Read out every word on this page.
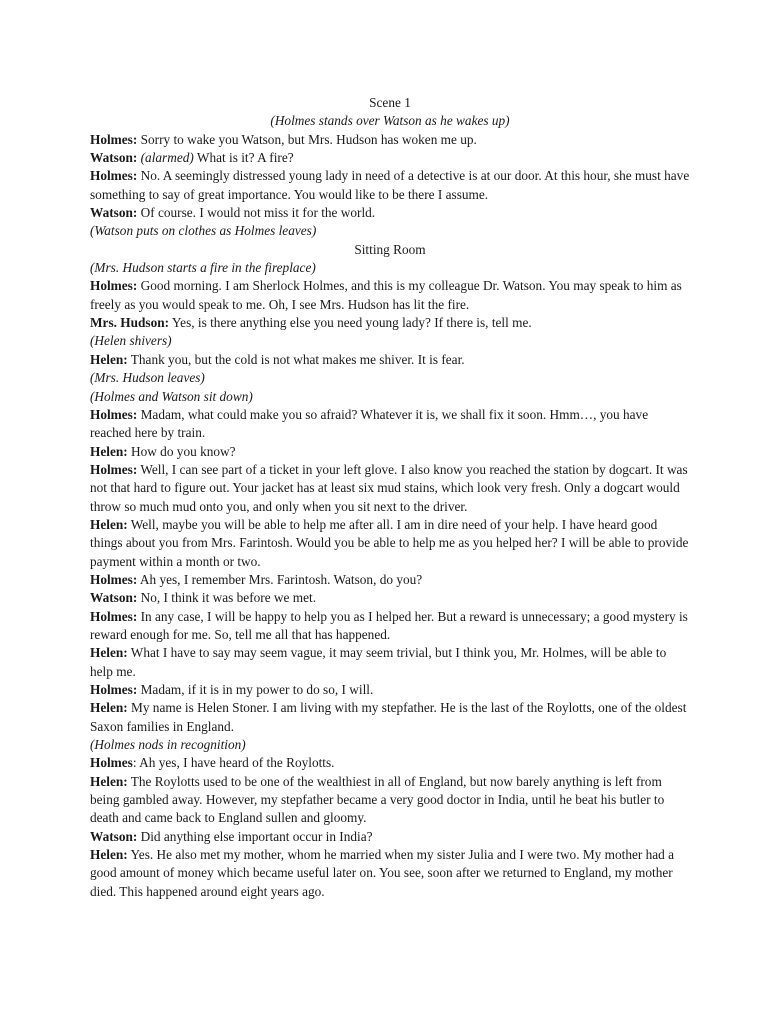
Scene 1

(Holmes stands over Watson as he wakes up)

Holmes: Sorry to wake you Watson, but Mrs. Hudson has woken me up.

Watson: (alarmed) What is it? A fire?

Holmes: No. A seemingly distressed young lady in need of a detective is at our door. At this hour, she must have something to say of great importance. You would like to be there I assume.

Watson: Of course. I would not miss it for the world.

(Watson puts on clothes as Holmes leaves)

Sitting Room

(Mrs. Hudson starts a fire in the fireplace)

Holmes: Good morning. I am Sherlock Holmes, and this is my colleague Dr. Watson. You may speak to him as freely as you would speak to me. Oh, I see Mrs. Hudson has lit the fire.

Mrs. Hudson: Yes, is there anything else you need young lady? If there is, tell me.

(Helen shivers)

Helen: Thank you, but the cold is not what makes me shiver. It is fear.

(Mrs. Hudson leaves)

(Holmes and Watson sit down)

Holmes: Madam, what could make you so afraid? Whatever it is, we shall fix it soon. Hmm…, you have reached here by train.

Helen: How do you know?

Holmes: Well, I can see part of a ticket in your left glove. I also know you reached the station by dogcart. It was not that hard to figure out. Your jacket has at least six mud stains, which look very fresh. Only a dogcart would throw so much mud onto you, and only when you sit next to the driver.

Helen: Well, maybe you will be able to help me after all. I am in dire need of your help. I have heard good things about you from Mrs. Farintosh. Would you be able to help me as you helped her? I will be able to provide payment within a month or two.

Holmes: Ah yes, I remember Mrs. Farintosh. Watson, do you?

Watson: No, I think it was before we met.

Holmes: In any case, I will be happy to help you as I helped her. But a reward is unnecessary; a good mystery is reward enough for me. So, tell me all that has happened.

Helen: What I have to say may seem vague, it may seem trivial, but I think you, Mr. Holmes, will be able to help me.

Holmes: Madam, if it is in my power to do so, I will.

Helen: My name is Helen Stoner. I am living with my stepfather. He is the last of the Roylotts, one of the oldest Saxon families in England.

(Holmes nods in recognition)

Holmes: Ah yes, I have heard of the Roylotts.

Helen: The Roylotts used to be one of the wealthiest in all of England, but now barely anything is left from being gambled away. However, my stepfather became a very good doctor in India, until he beat his butler to death and came back to England sullen and gloomy.

Watson: Did anything else important occur in India?

Helen: Yes. He also met my mother, whom he married when my sister Julia and I were two. My mother had a good amount of money which became useful later on. You see, soon after we returned to England, my mother died. This happened around eight years ago.
